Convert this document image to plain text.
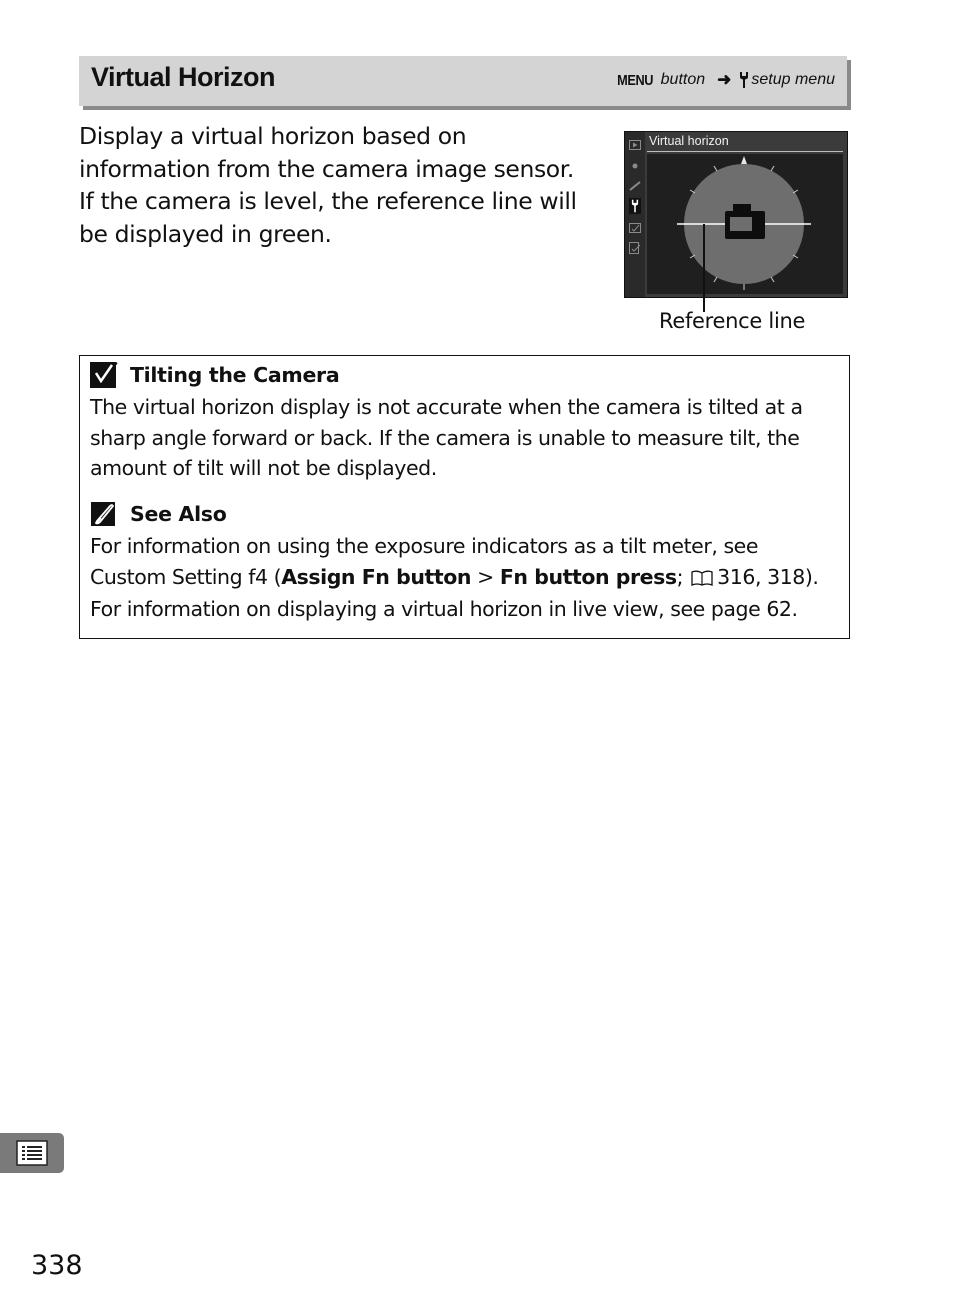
Virtual Horizon	MENU button ➜ setup menu
Display a virtual horizon based on information from the camera image sensor. If the camera is level, the reference line will be displayed in green.
Virtual horizon
Reference line
Tilting the Camera
The virtual horizon display is not accurate when the camera is tilted at a sharp angle forward or back. If the camera is unable to measure tilt, the amount of tilt will not be displayed.
See Also
For information on using the exposure indicators as a tilt meter, see
Custom Setting f4 (Assign Fn button > Fn button press; 316, 318).
For information on displaying a virtual horizon in live view, see page 62.
338
